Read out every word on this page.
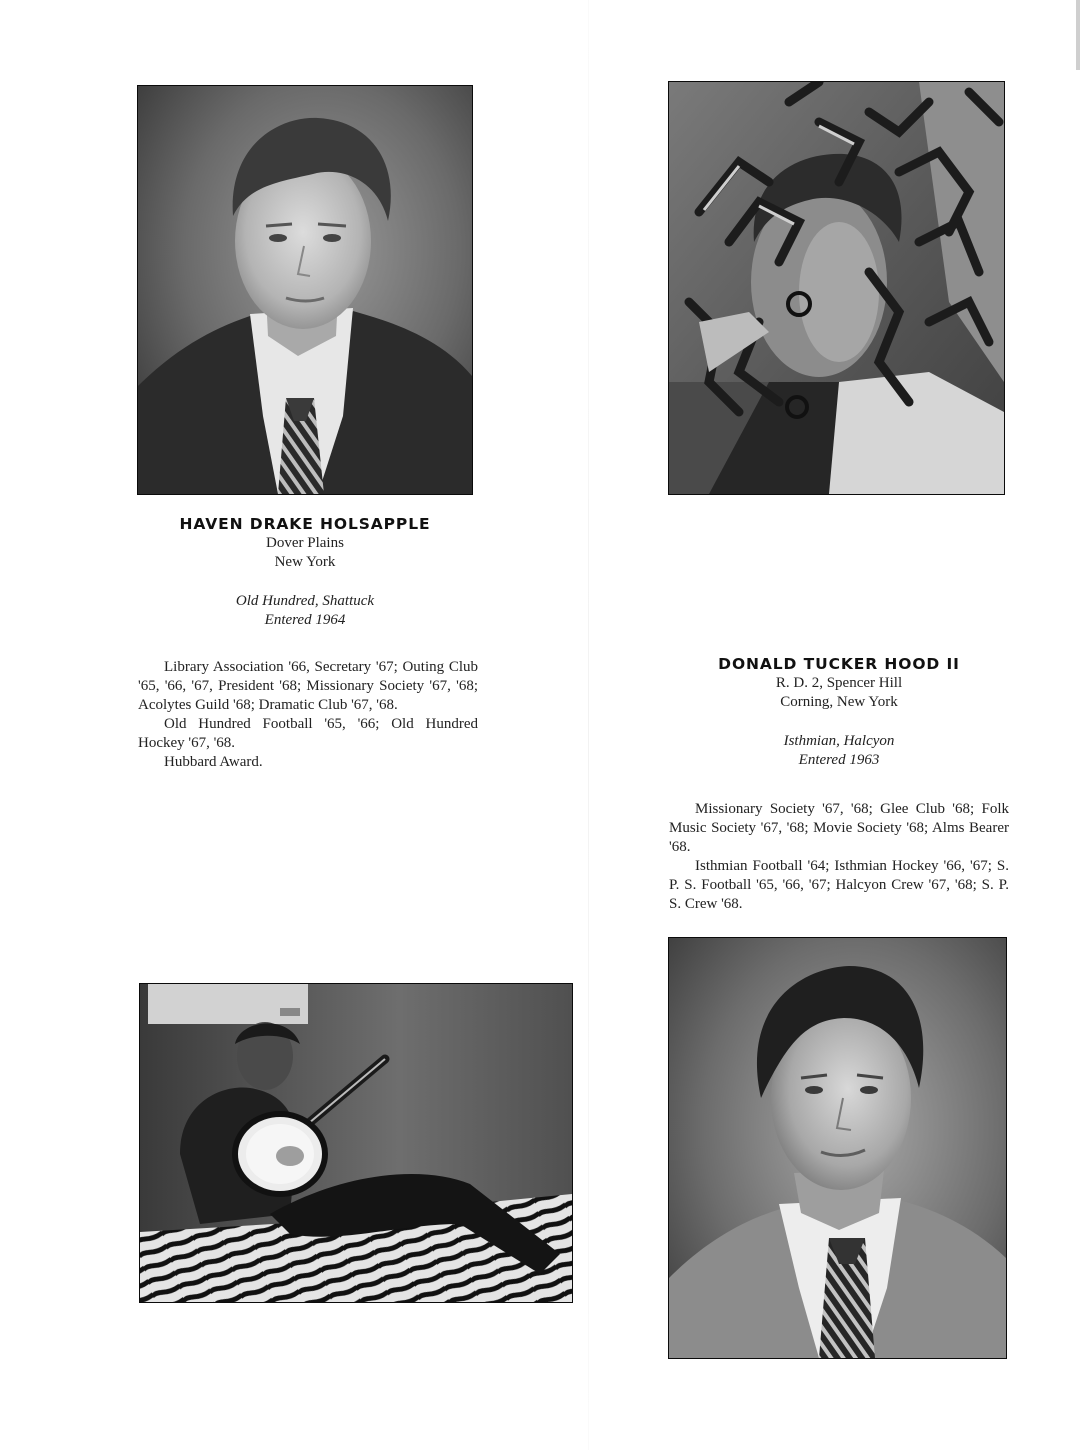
HAVEN DRAKE HOLSAPPLE
Dover Plains
New York
Old Hundred, Shattuck
Entered 1964

Library Association '66, Secretary '67; Outing Club '65, '66, '67, President '68; Missionary Society '67, '68; Acolytes Guild '68; Dramatic Club '67, '68.

Old Hundred Football '65, '66; Old Hundred Hockey '67, '68.

Hubbard Award.

DONALD TUCKER HOOD II
R. D. 2, Spencer Hill
Corning, New York
Isthmian, Halcyon
Entered 1963

Missionary Society '67, '68; Glee Club '68; Folk Music Society '67, '68; Movie Society '68; Alms Bearer '68.

Isthmian Football '64; Isthmian Hockey '66, '67; S. P. S. Football '65, '66, '67; Halcyon Crew '67, '68; S. P. S. Crew '68.
